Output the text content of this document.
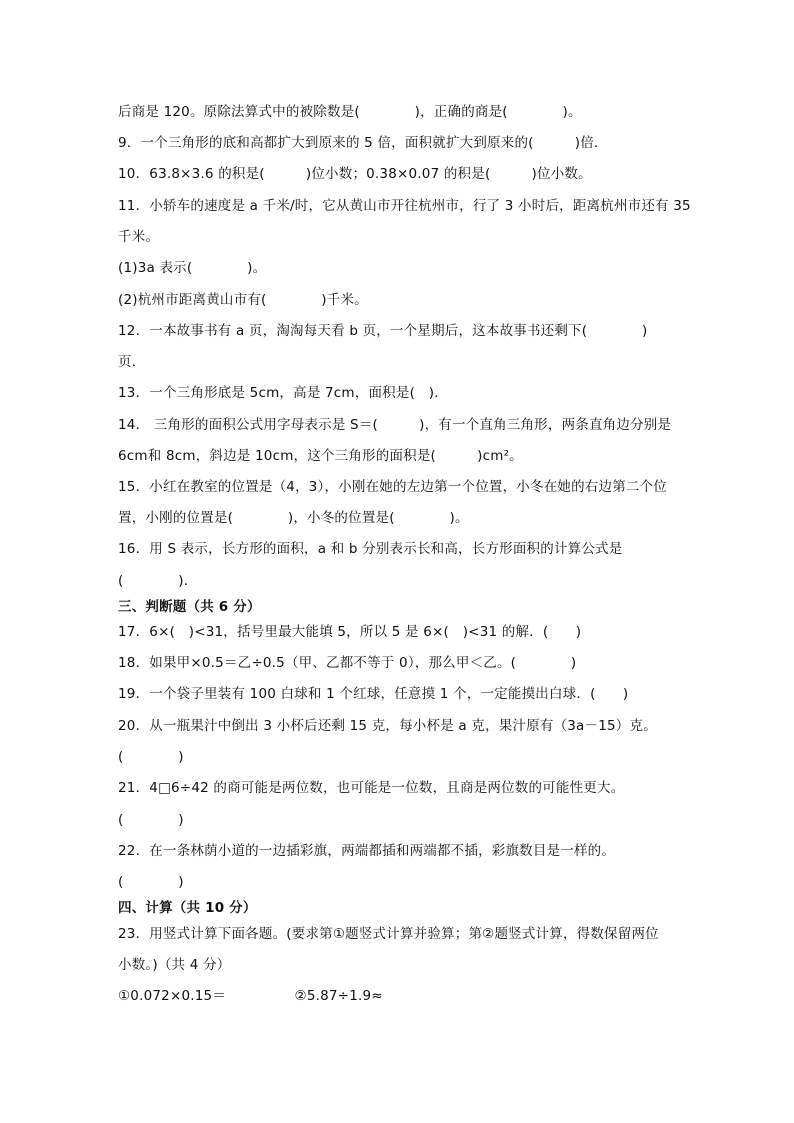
后商是 120。原除法算式中的被除数是(　　　　)，正确的商是(　　　　)。
9．一个三角形的底和高都扩大到原来的 5 倍，面积就扩大到原来的(　　　)倍．
10．63.8×3.6 的积是(　　　)位小数；0.38×0.07 的积是(　　　)位小数。
11．小轿车的速度是 a 千米/时，它从黄山市开往杭州市，行了 3 小时后，距离杭州市还有 35
千米。
(1)3a 表示(　　　　)。
(2)杭州市距离黄山市有(　　　　)千米。
12．一本故事书有 a 页，淘淘每天看 b 页，一个星期后，这本故事书还剩下(　　　　)
页．
13．一个三角形底是 5cm，高是 7cm，面积是(　)．
14． 三角形的面积公式用字母表示是 S＝(　　　)，有一个直角三角形，两条直角边分别是
6cm和 8cm，斜边是 10cm，这个三角形的面积是(　　　)cm²。
15．小红在教室的位置是（4，3），小刚在她的左边第一个位置，小冬在她的右边第二个位
置，小刚的位置是(　　　　)，小冬的位置是(　　　　)。
16．用 S 表示，长方形的面积，a 和 b 分别表示长和高，长方形面积的计算公式是
(　　　　)．
三、判断题（共 6 分）
17．6×(　)<31，括号里最大能填 5，所以 5 是 6×(　)<31 的解．(　　)
18．如果甲×0.5＝乙÷0.5（甲、乙都不等于 0），那么甲＜乙。(　　　　)
19．一个袋子里装有 100 白球和 1 个红球，任意摸 1 个，一定能摸出白球．(　　)
20．从一瓶果汁中倒出 3 小杯后还剩 15 克，每小杯是 a 克，果汁原有（3a－15）克。
(　　　　)
21．4□6÷42 的商可能是两位数，也可能是一位数，且商是两位数的可能性更大。
(　　　　)
22．在一条林荫小道的一边插彩旗，两端都插和两端都不插，彩旗数目是一样的。
(　　　　)
四、计算（共 10 分）
23．用竖式计算下面各题。(要求第①题竖式计算并验算；第②题竖式计算，得数保留两位
小数。)（共 4 分）
①0.072×0.15＝　　　　　②5.87÷1.9≈
